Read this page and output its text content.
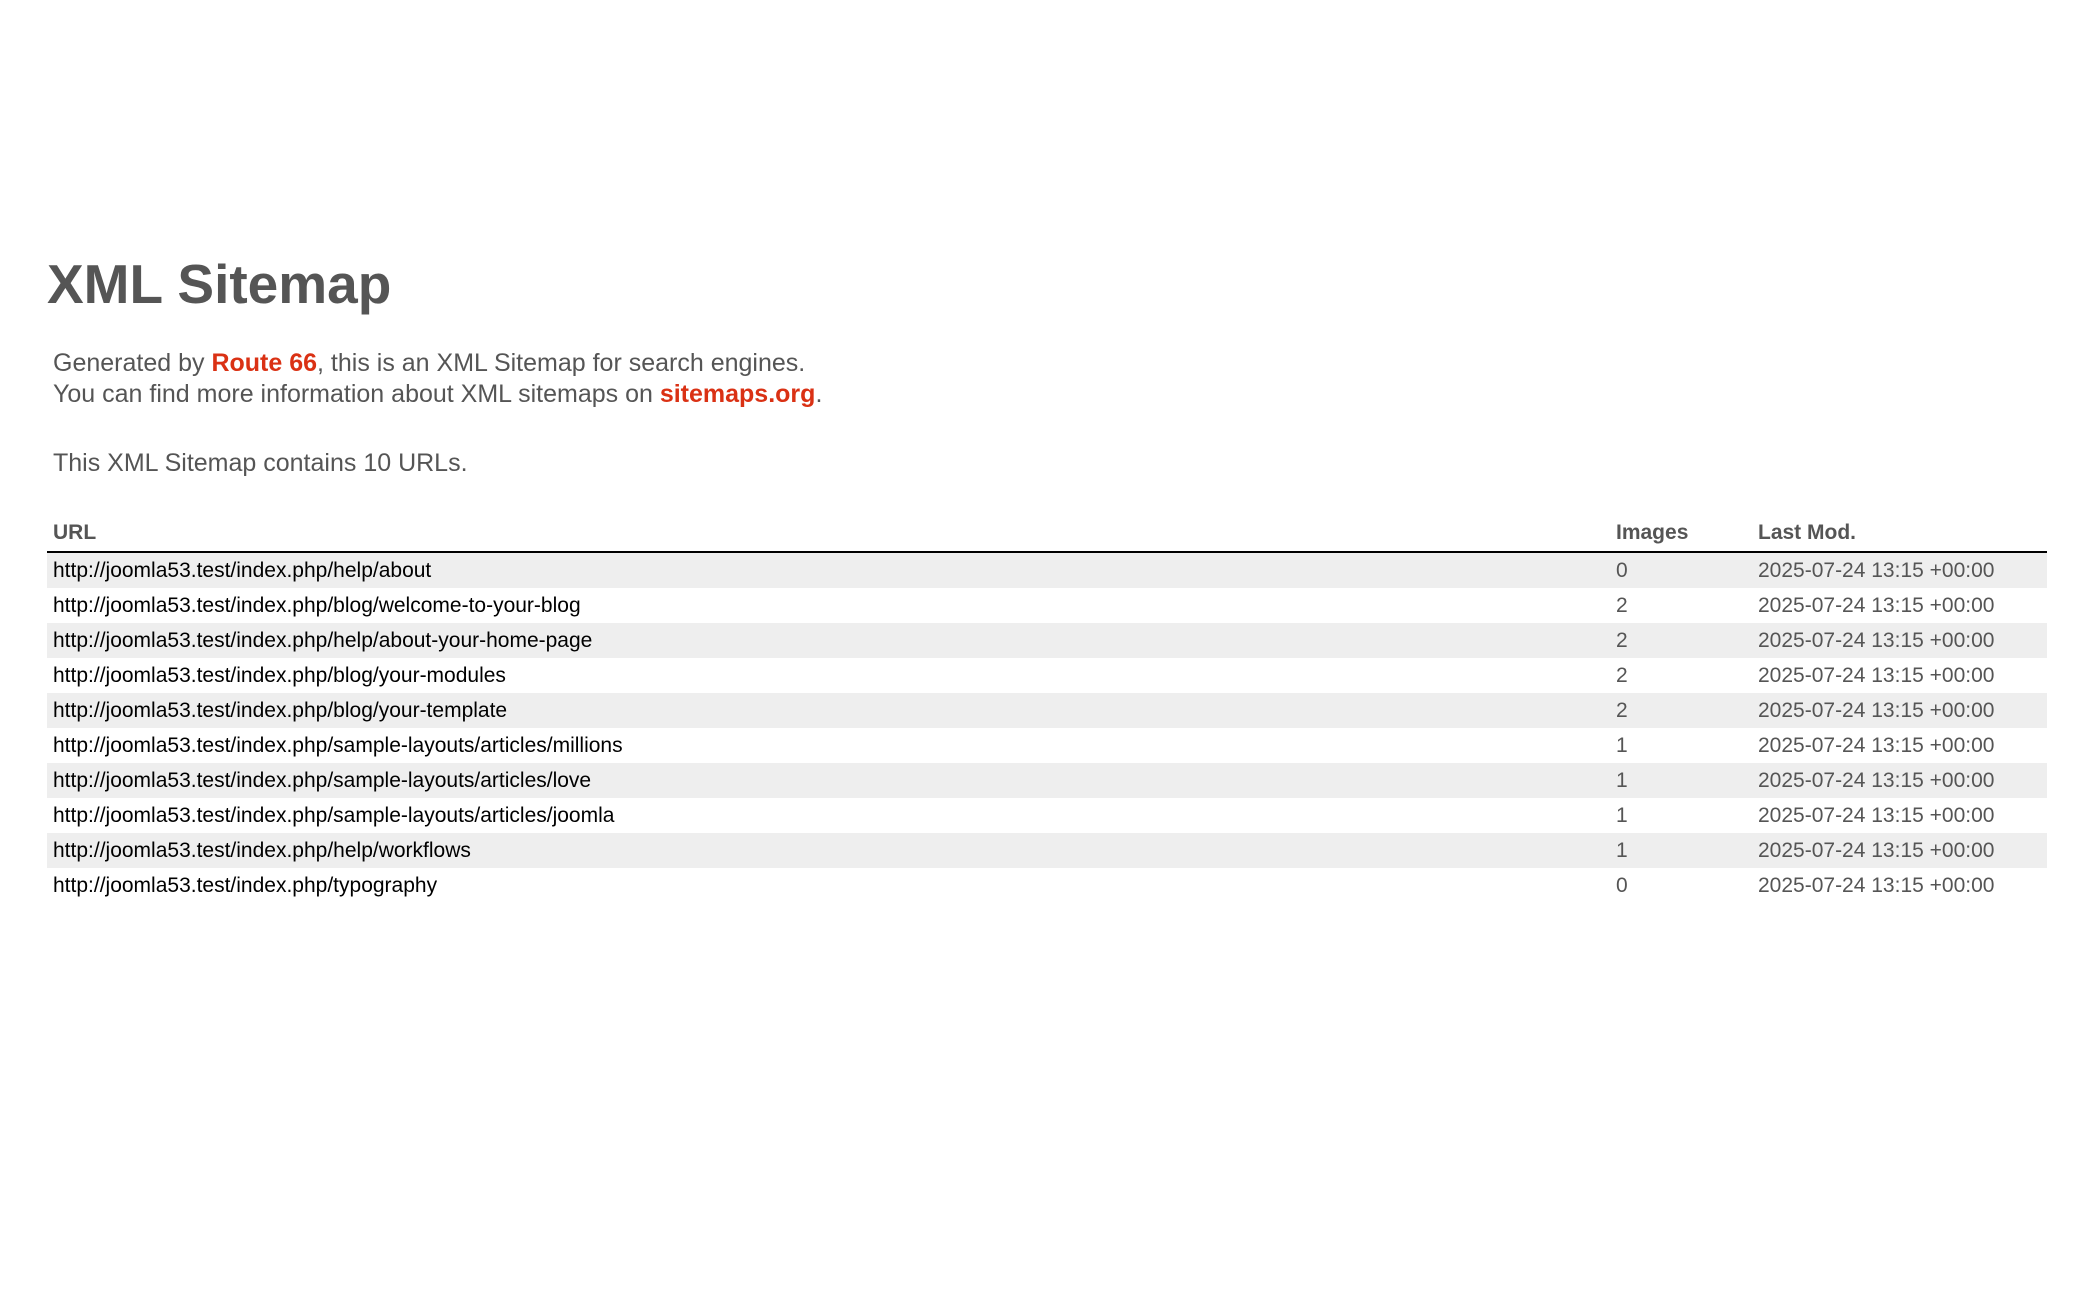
XML Sitemap

Generated by Route 66, this is an XML Sitemap for search engines.
You can find more information about XML sitemaps on sitemaps.org.

This XML Sitemap contains 10 URLs.

URL	Images	Last Mod.
http://joomla53.test/index.php/help/about	0	2025-07-24 13:15 +00:00
http://joomla53.test/index.php/blog/welcome-to-your-blog	2	2025-07-24 13:15 +00:00
http://joomla53.test/index.php/help/about-your-home-page	2	2025-07-24 13:15 +00:00
http://joomla53.test/index.php/blog/your-modules	2	2025-07-24 13:15 +00:00
http://joomla53.test/index.php/blog/your-template	2	2025-07-24 13:15 +00:00
http://joomla53.test/index.php/sample-layouts/articles/millions	1	2025-07-24 13:15 +00:00
http://joomla53.test/index.php/sample-layouts/articles/love	1	2025-07-24 13:15 +00:00
http://joomla53.test/index.php/sample-layouts/articles/joomla	1	2025-07-24 13:15 +00:00
http://joomla53.test/index.php/help/workflows	1	2025-07-24 13:15 +00:00
http://joomla53.test/index.php/typography	0	2025-07-24 13:15 +00:00
